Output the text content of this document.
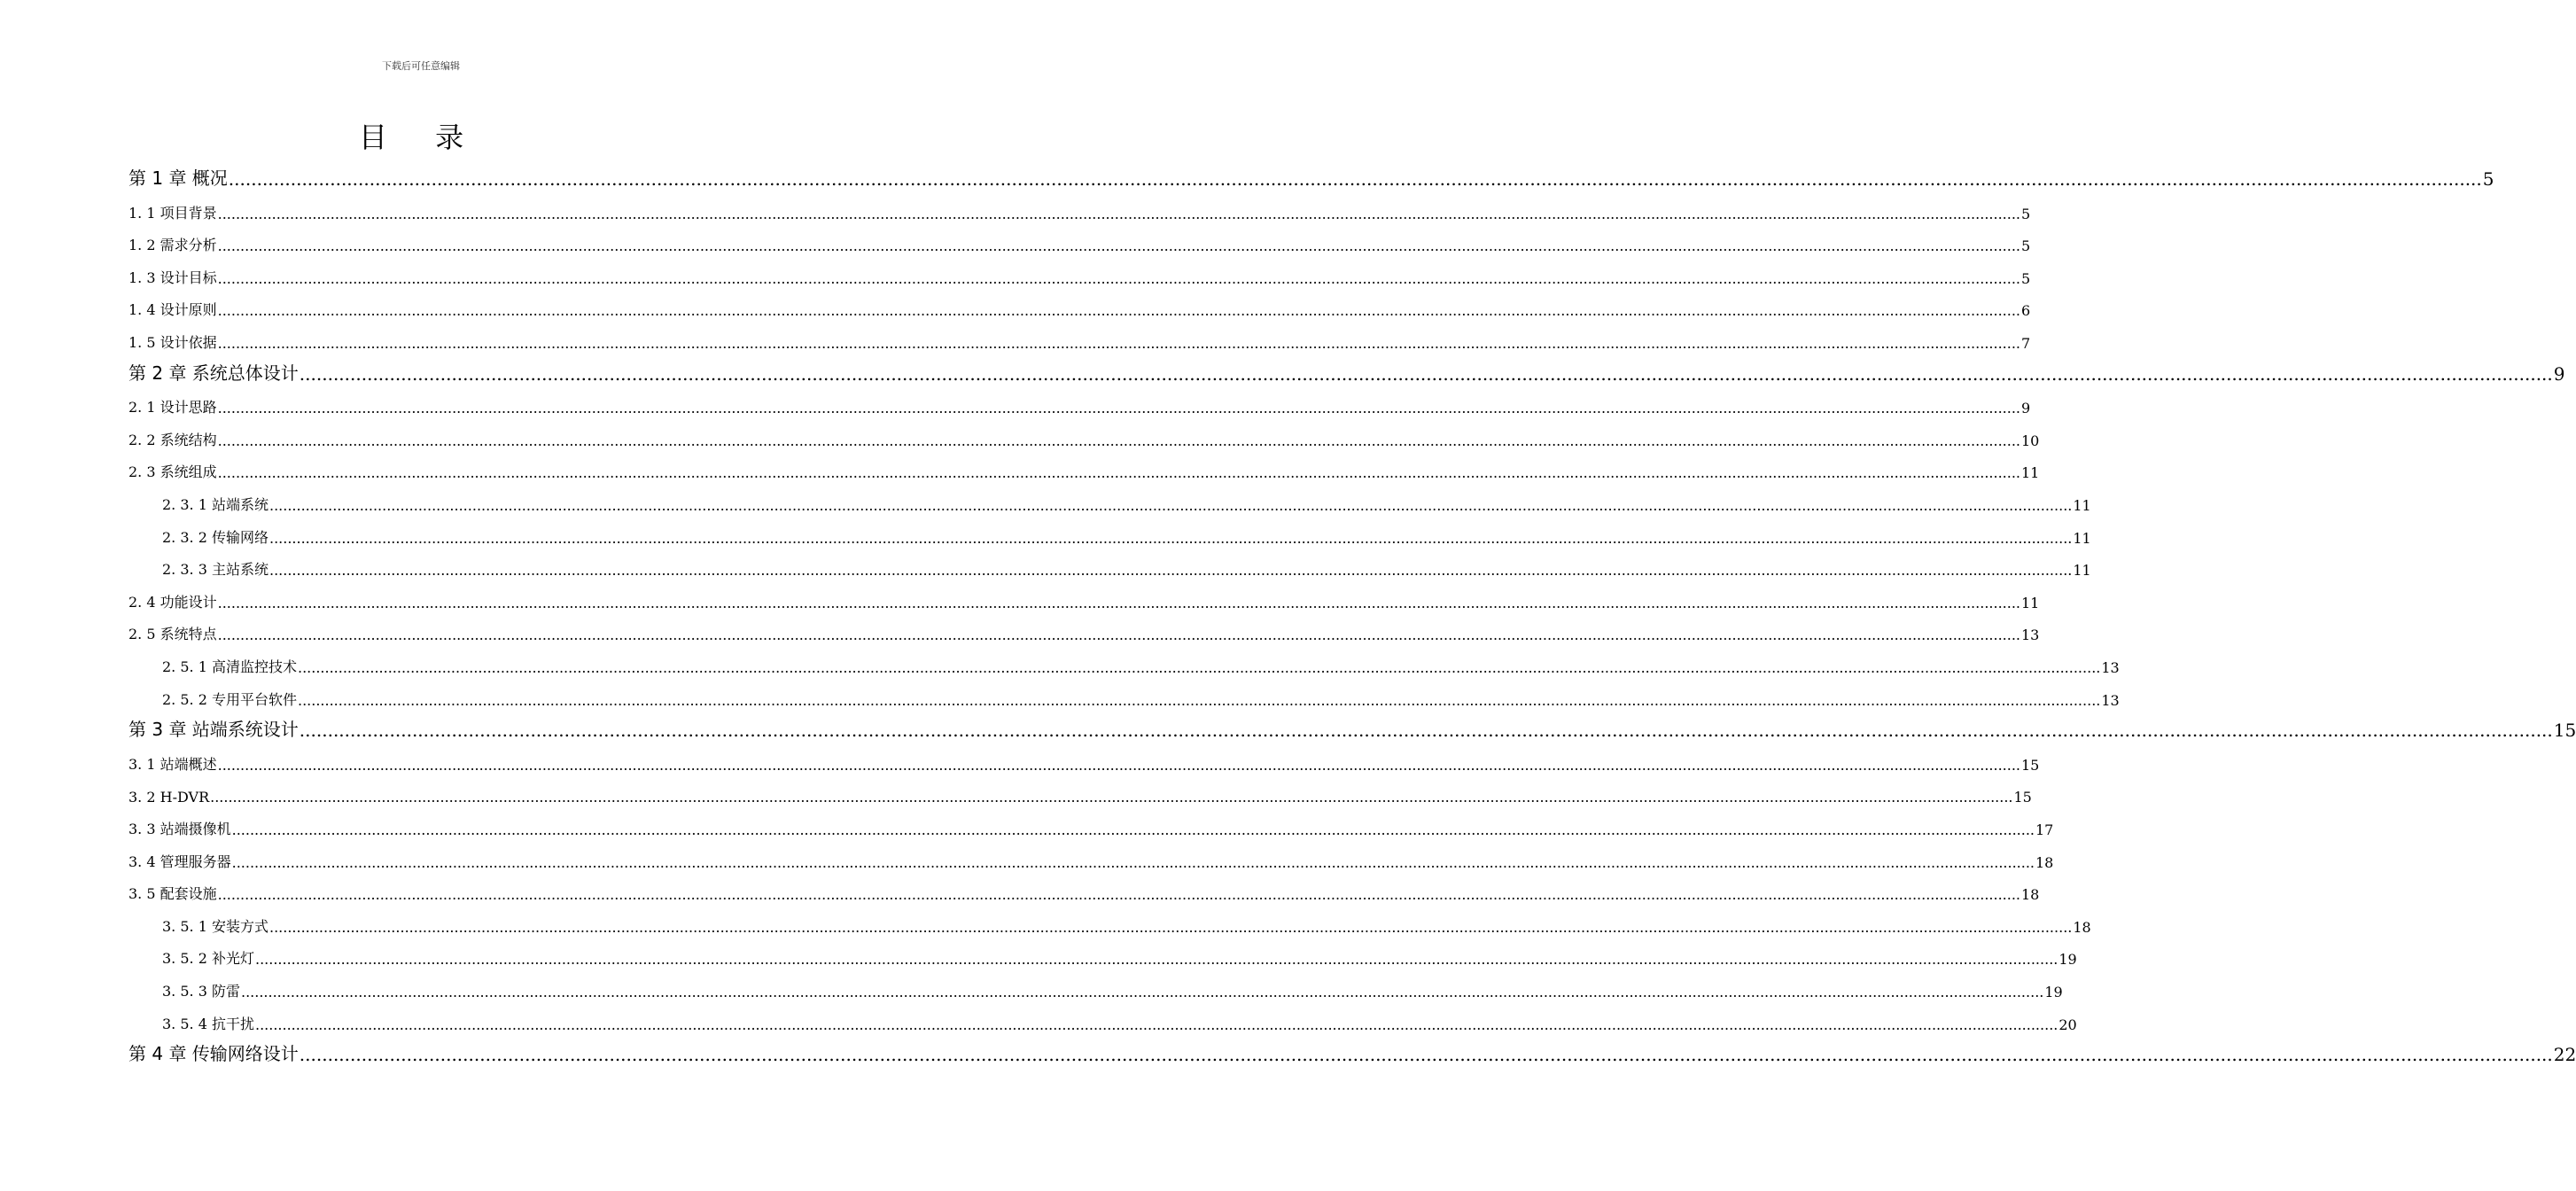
下载后可任意编辑
目 录
第 1 章 概况 ................................................................................................................................................................................................................................................................................................................................................................................................................ 5
1. 1 项目背景 ................................................................................................................................................................................................................................................................................................................................................................................................................ 5
1. 2 需求分析 ................................................................................................................................................................................................................................................................................................................................................................................................................ 5
1. 3 设计目标 ................................................................................................................................................................................................................................................................................................................................................................................................................ 5
1. 4 设计原则 ................................................................................................................................................................................................................................................................................................................................................................................................................ 6
1. 5 设计依据 ................................................................................................................................................................................................................................................................................................................................................................................................................ 7
第 2 章 系统总体设计 ................................................................................................................................................................................................................................................................................................................................................................................................................ 9
2. 1 设计思路 ................................................................................................................................................................................................................................................................................................................................................................................................................ 9
2. 2 系统结构 ................................................................................................................................................................................................................................................................................................................................................................................................................ 10
2. 3 系统组成 ................................................................................................................................................................................................................................................................................................................................................................................................................ 11
2. 3. 1 站端系统 ................................................................................................................................................................................................................................................................................................................................................................................................................ 11
2. 3. 2 传输网络 ................................................................................................................................................................................................................................................................................................................................................................................................................ 11
2. 3. 3 主站系统 ................................................................................................................................................................................................................................................................................................................................................................................................................ 11
2. 4 功能设计 ................................................................................................................................................................................................................................................................................................................................................................................................................ 11
2. 5 系统特点 ................................................................................................................................................................................................................................................................................................................................................................................................................ 13
2. 5. 1 高清监控技术 ................................................................................................................................................................................................................................................................................................................................................................................................................ 13
2. 5. 2 专用平台软件 ................................................................................................................................................................................................................................................................................................................................................................................................................ 13
第 3 章 站端系统设计 ................................................................................................................................................................................................................................................................................................................................................................................................................ 15
3. 1 站端概述 ................................................................................................................................................................................................................................................................................................................................................................................................................ 15
3. 2 H-DVR ................................................................................................................................................................................................................................................................................................................................................................................................................ 15
3. 3 站端摄像机 ................................................................................................................................................................................................................................................................................................................................................................................................................ 17
3. 4 管理服务器 ................................................................................................................................................................................................................................................................................................................................................................................................................ 18
3. 5 配套设施 ................................................................................................................................................................................................................................................................................................................................................................................................................ 18
3. 5. 1 安装方式 ................................................................................................................................................................................................................................................................................................................................................................................................................ 18
3. 5. 2 补光灯 ................................................................................................................................................................................................................................................................................................................................................................................................................ 19
3. 5. 3 防雷 ................................................................................................................................................................................................................................................................................................................................................................................................................ 19
3. 5. 4 抗干扰 ................................................................................................................................................................................................................................................................................................................................................................................................................ 20
第 4 章 传输网络设计 ................................................................................................................................................................................................................................................................................................................................................................................................................ 22
